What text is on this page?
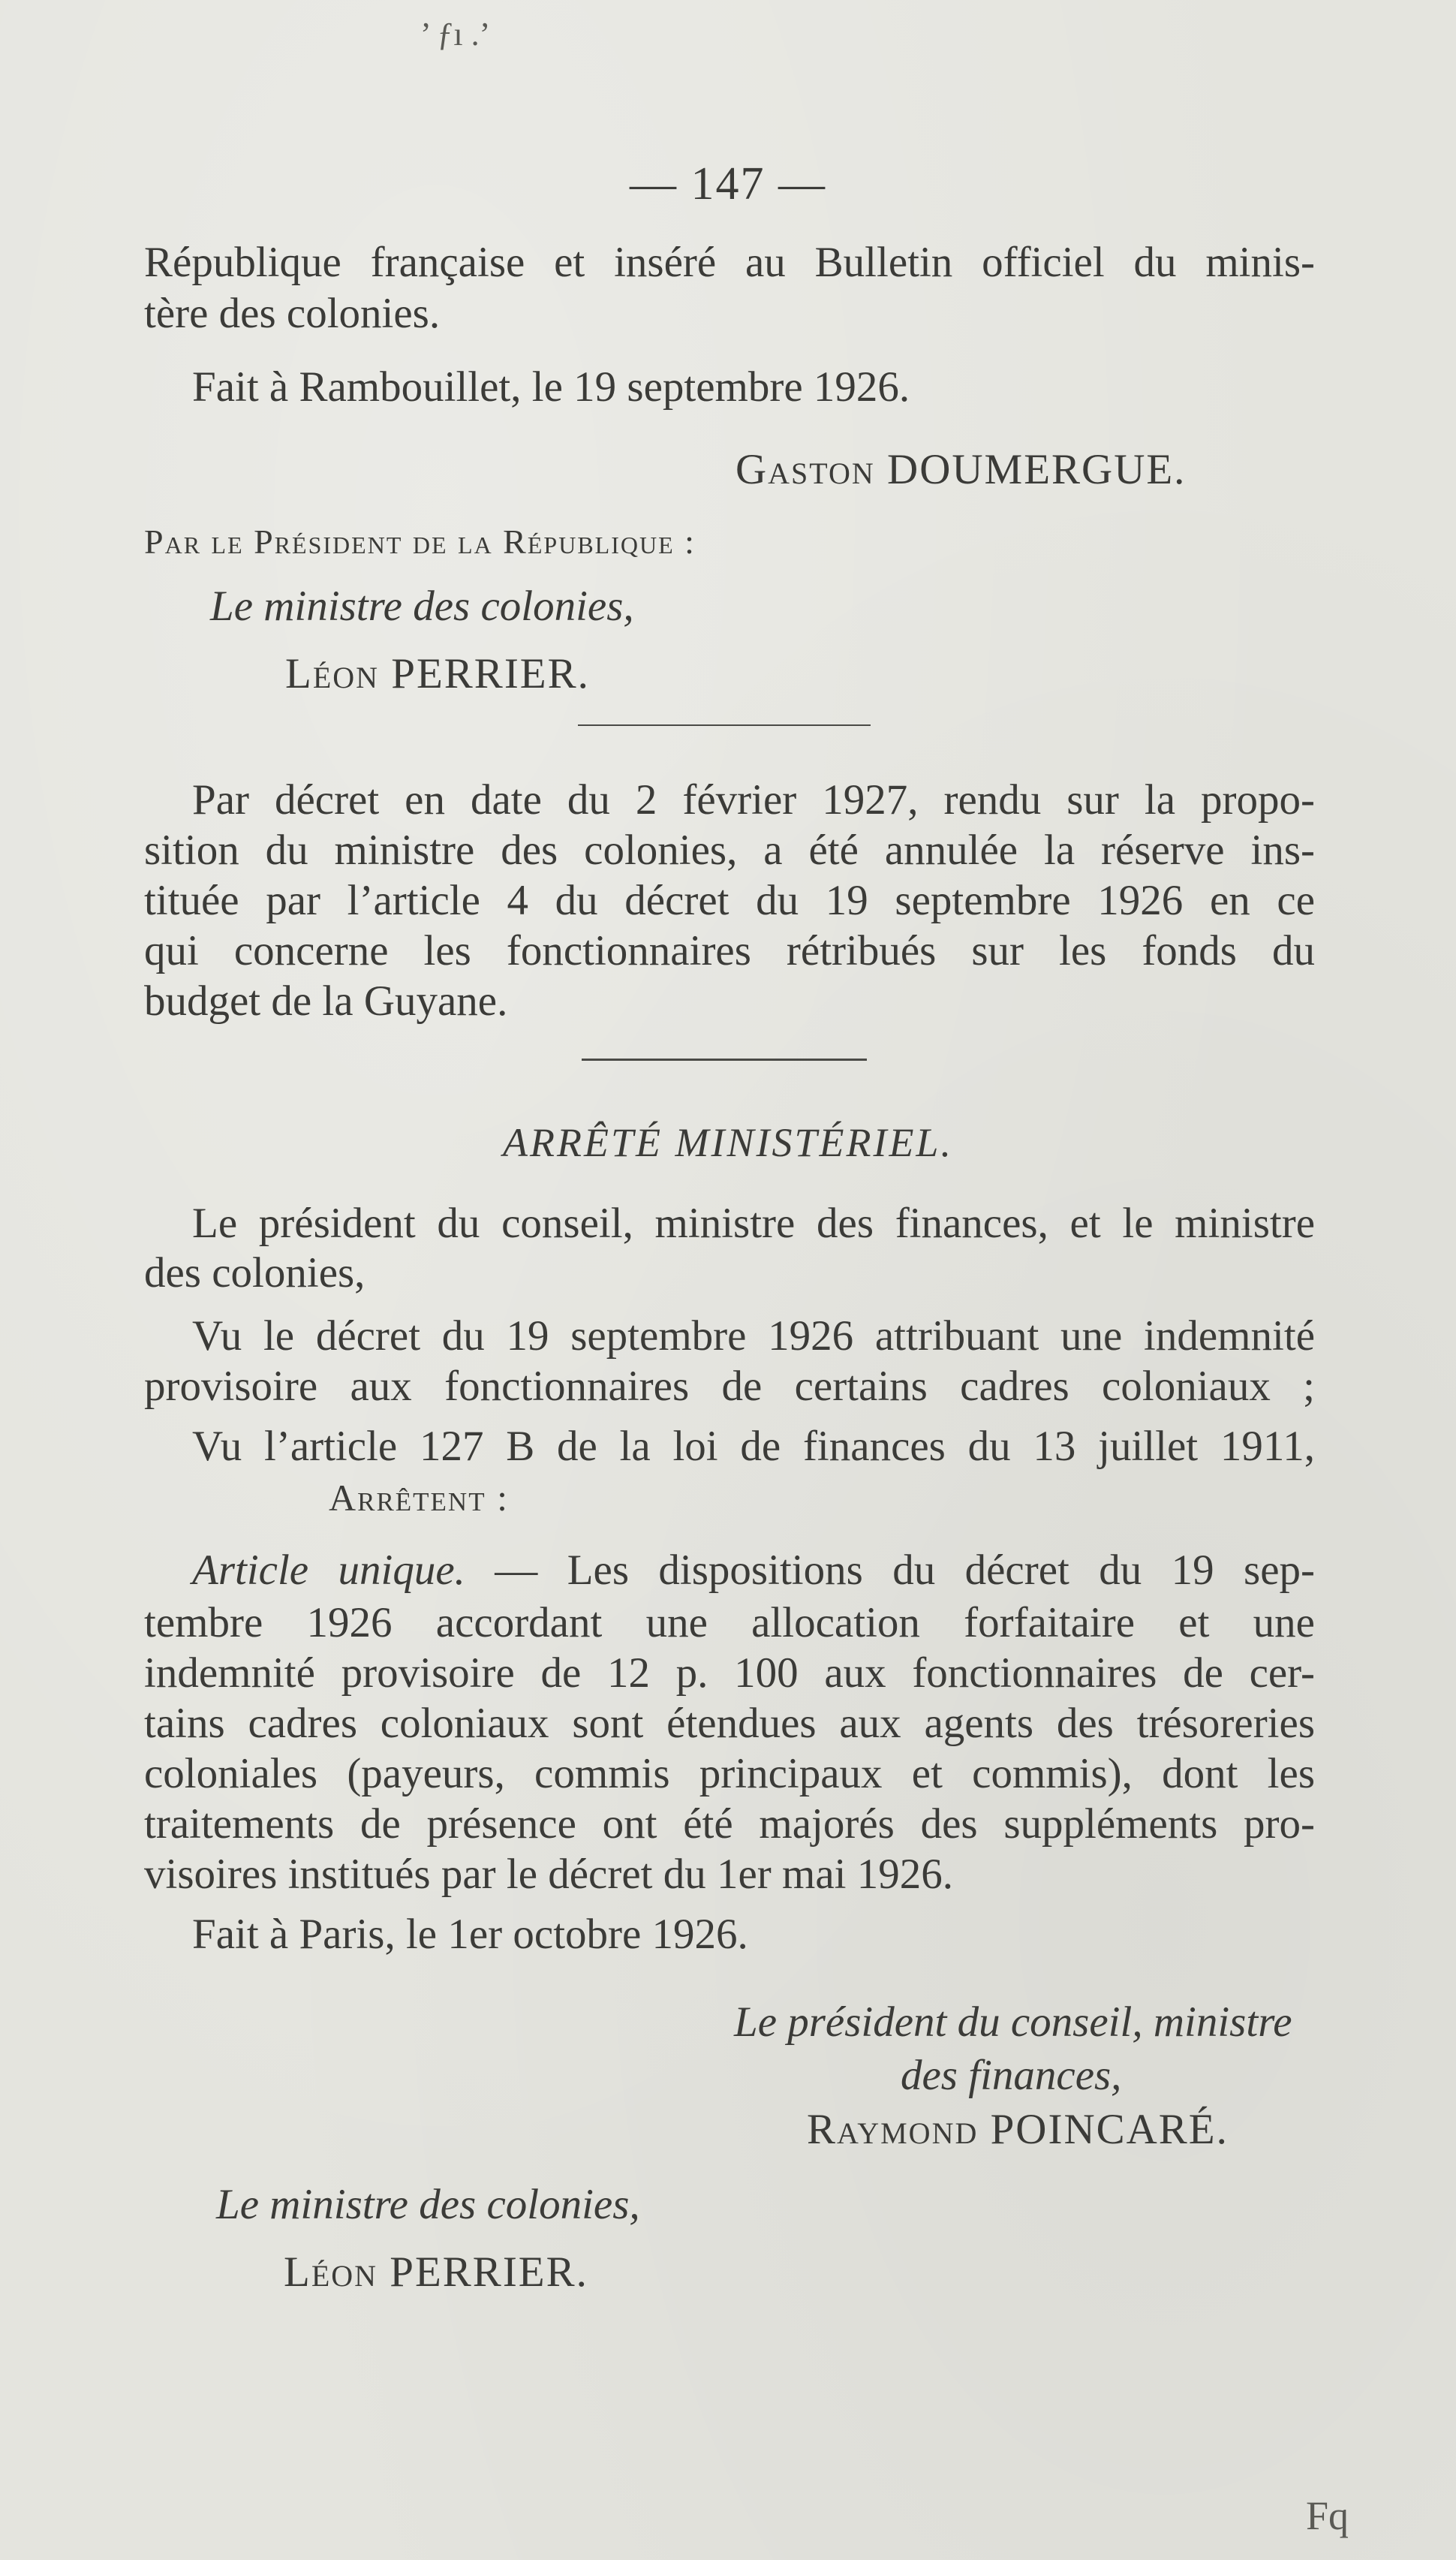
’ ƒı .’
— 147 —
République française et inséré au Bulletin officiel du minis-
tère des colonies.
Fait à Rambouillet, le 19 septembre 1926.
Gaston DOUMERGUE.
Par le Président de la République :
Le ministre des colonies,
Léon PERRIER.
Par décret en date du 2 février 1927, rendu sur la propo-
sition du ministre des colonies, a été annulée la réserve ins-
tituée par l’article 4 du décret du 19 septembre 1926 en ce
qui concerne les fonctionnaires rétribués sur les fonds du
budget de la Guyane.
ARRÊTÉ MINISTÉRIEL.
Le président du conseil, ministre des finances, et le ministre
des colonies,
Vu le décret du 19 septembre 1926 attribuant une indemnité
provisoire aux fonctionnaires de certains cadres coloniaux ;
Vu l’article 127 B de la loi de finances du 13 juillet 1911,
Arrêtent :
Article unique. — Les dispositions du décret du 19 sep-
tembre 1926 accordant une allocation forfaitaire et une
indemnité provisoire de 12 p. 100 aux fonctionnaires de cer-
tains cadres coloniaux sont étendues aux agents des trésoreries
coloniales (payeurs, commis principaux et commis), dont les
traitements de présence ont été majorés des suppléments pro-
visoires institués par le décret du 1er mai 1926.
Fait à Paris, le 1er octobre 1926.
Le président du conseil, ministre
des finances,
Raymond POINCARÉ.
Le ministre des colonies,
Léon PERRIER.
Fq
